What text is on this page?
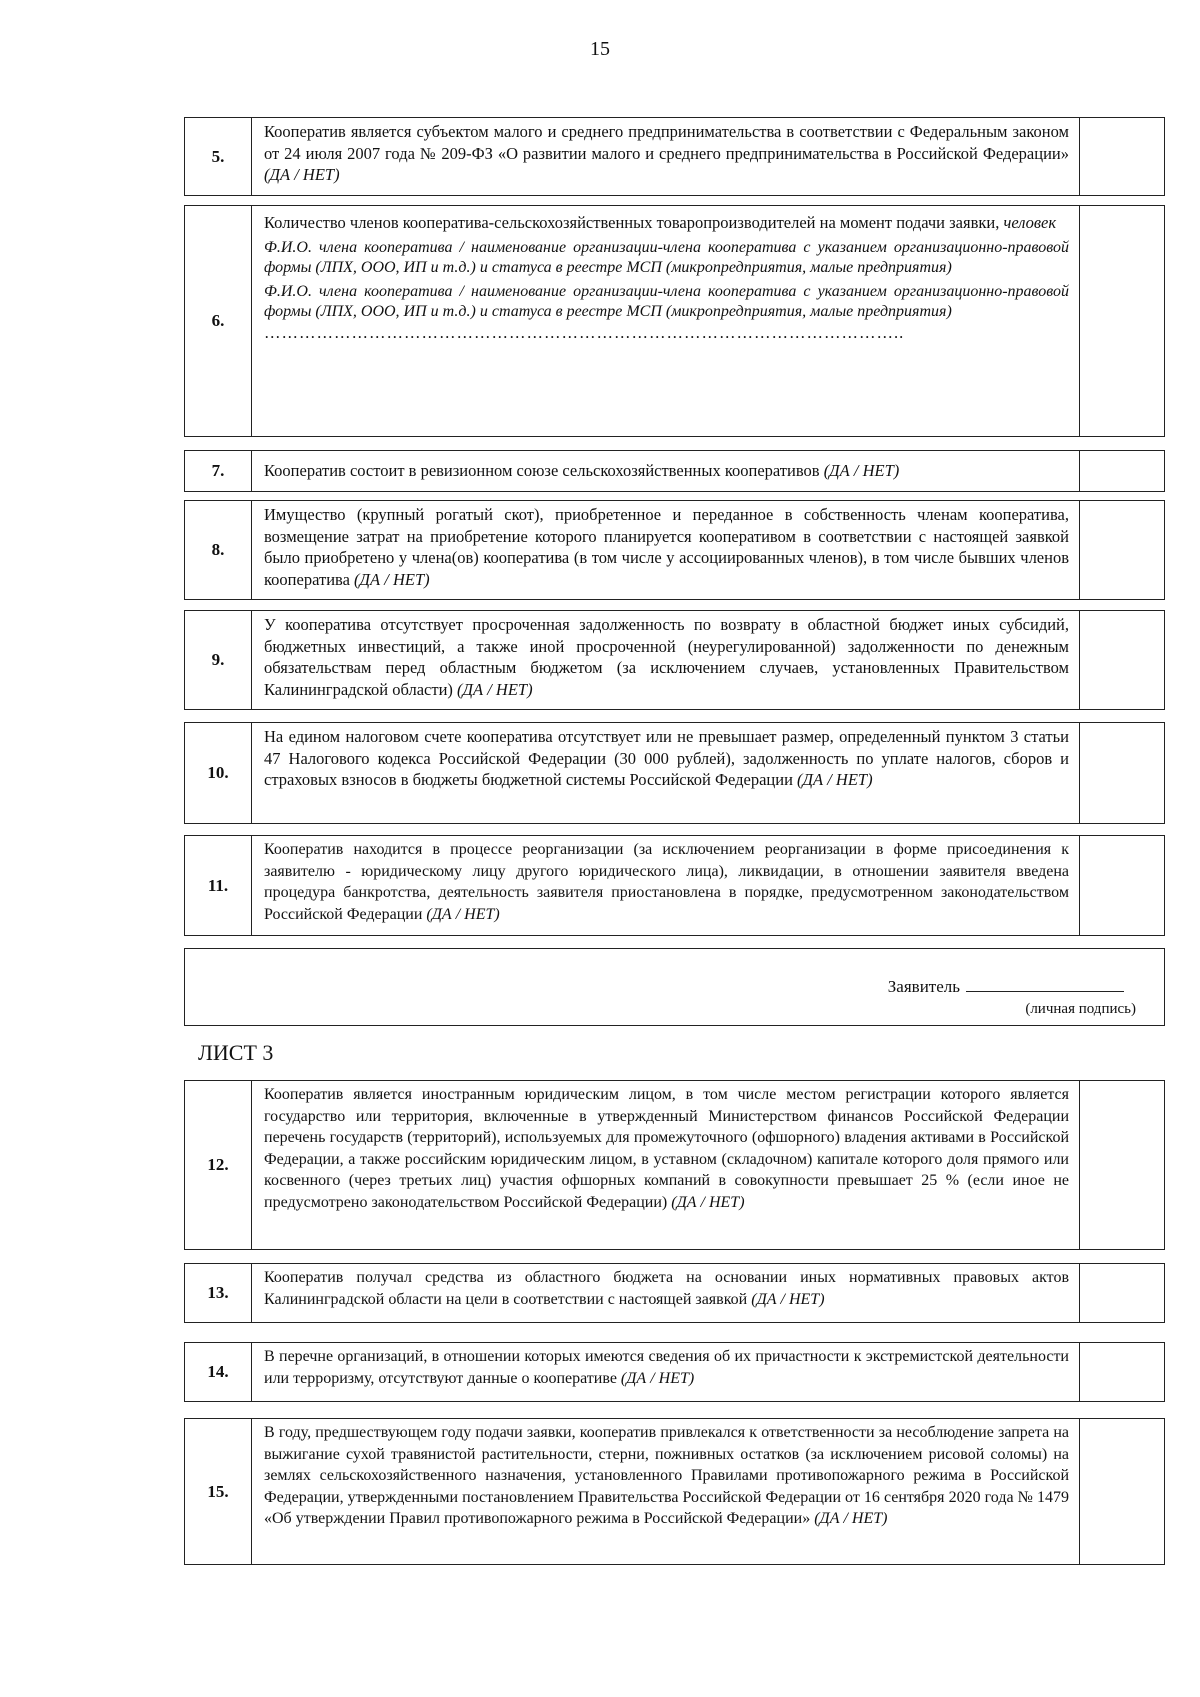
15
5.
Кооператив является субъектом малого и среднего предпринимательства в соответствии с Федеральным законом от 24 июля 2007 года № 209-ФЗ «О развитии малого и среднего предпринимательства в Российской Федерации» (ДА / НЕТ)
6.

Количество членов кооператива-сельскохозяйственных товаропроизводителей на момент подачи заявки, человек

Ф.И.О. члена кооператива / наименование организации-члена кооператива с указанием организационно-правовой формы (ЛПХ, ООО, ИП и т.д.) и статуса в реестре МСП (микропредприятия, малые предприятия)

Ф.И.О. члена кооператива / наименование организации-члена кооператива с указанием организационно-правовой формы (ЛПХ, ООО, ИП и т.д.) и статуса в реестре МСП (микропредприятия, малые предприятия)

………………………………………………………………………………………………..

7.	Кооператив состоит в ревизионном союзе сельскохозяйственных кооперативов (ДА / НЕТ)
8.
Имущество (крупный рогатый скот), приобретенное и переданное в собственность членам кооператива, возмещение затрат на приобретение которого планируется кооперативом в соответствии с настоящей заявкой было приобретено у члена(ов) кооператива (в том числе у ассоциированных членов), в том числе бывших членов кооператива (ДА / НЕТ)
9.
У кооператива отсутствует просроченная задолженность по возврату в областной бюджет иных субсидий, бюджетных инвестиций, а также иной просроченной (неурегулированной) задолженности по денежным обязательствам перед областным бюджетом (за исключением случаев, установленных Правительством Калининградской области) (ДА / НЕТ)
10.
На едином налоговом счете кооператива отсутствует или не превышает размер, определенный пунктом 3 статьи 47 Налогового кодекса Российской Федерации (30 000 рублей), задолженность по уплате налогов, сборов и страховых взносов в бюджеты бюджетной системы Российской Федерации (ДА / НЕТ)
11.
Кооператив находится в процессе реорганизации (за исключением реорганизации в форме присоединения к заявителю - юридическому лицу другого юридического лица), ликвидации, в отношении заявителя введена процедура банкротства, деятельность заявителя приостановлена в порядке, предусмотренном законодательством Российской Федерации (ДА / НЕТ)
Заявитель
(личная подпись)
ЛИСТ 3
12.
Кооператив является иностранным юридическим лицом, в том числе местом регистрации которого является государство или территория, включенные в утвержденный Министерством финансов Российской Федерации перечень государств (территорий), используемых для промежуточного (офшорного) владения активами в Российской Федерации, а также российским юридическим лицом, в уставном (складочном) капитале которого доля прямого или косвенного (через третьих лиц) участия офшорных компаний в совокупности превышает 25 % (если иное не предусмотрено законодательством Российской Федерации) (ДА / НЕТ)
13.
Кооператив получал средства из областного бюджета на основании иных нормативных правовых актов Калининградской области на цели в соответствии с настоящей заявкой (ДА / НЕТ)
14.
В перечне организаций, в отношении которых имеются сведения об их причастности к экстремистской деятельности или терроризму, отсутствуют данные о кооперативе (ДА / НЕТ)
15.
В году, предшествующем году подачи заявки, кооператив привлекался к ответственности за несоблюдение запрета на выжигание сухой травянистой растительности, стерни, пожнивных остатков (за исключением рисовой соломы) на землях сельскохозяйственного назначения, установленного Правилами противопожарного режима в Российской Федерации, утвержденными постановлением Правительства Российской Федерации от 16 сентября 2020 года № 1479 «Об утверждении Правил противопожарного режима в Российской Федерации» (ДА / НЕТ)
